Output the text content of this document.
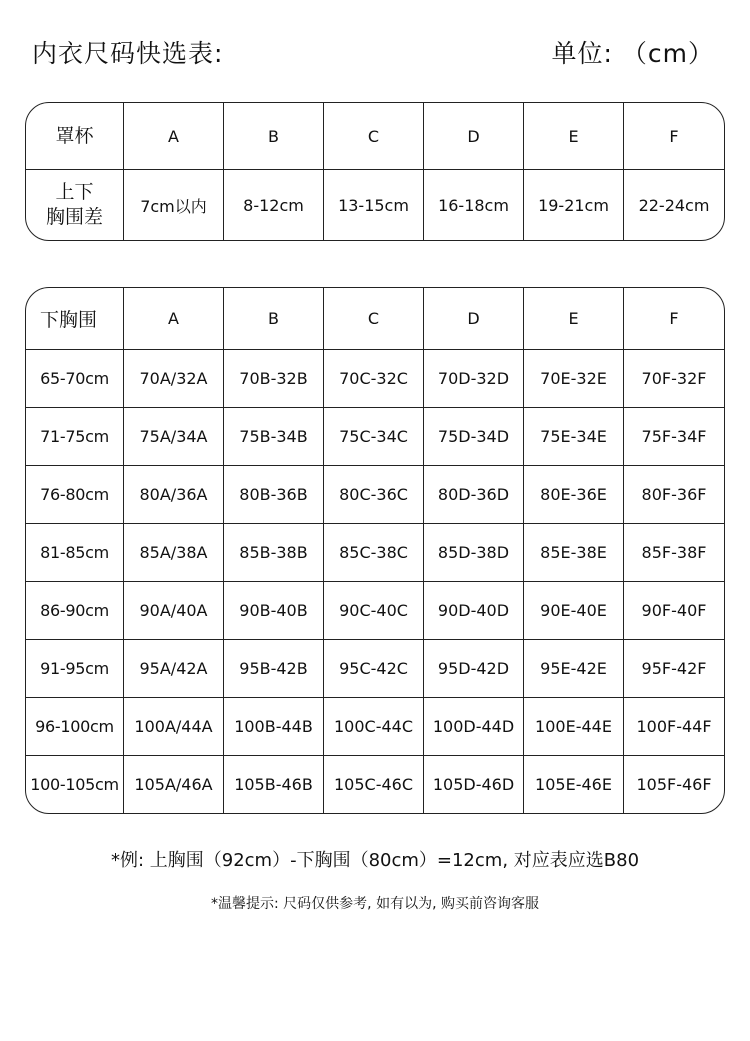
内衣尺码快选表:	单位: （cm）
罩杯	A	B	C	D	E	F

上下
胸围差	7cm以内	8-12cm	13-15cm	16-18cm	19-21cm	22-24cm
下胸围	A	B	C	D	E	F
65-70cm	70A/32A	70B-32B	70C-32C	70D-32D	70E-32E	70F-32F
71-75cm	75A/34A	75B-34B	75C-34C	75D-34D	75E-34E	75F-34F
76-80cm	80A/36A	80B-36B	80C-36C	80D-36D	80E-36E	80F-36F
81-85cm	85A/38A	85B-38B	85C-38C	85D-38D	85E-38E	85F-38F
86-90cm	90A/40A	90B-40B	90C-40C	90D-40D	90E-40E	90F-40F
91-95cm	95A/42A	95B-42B	95C-42C	95D-42D	95E-42E	95F-42F
96-100cm	100A/44A	100B-44B	100C-44C	100D-44D	100E-44E	100F-44F
100-105cm	105A/46A	105B-46B	105C-46C	105D-46D	105E-46E	105F-46F
*例: 上胸围（92cm）-下胸围（80cm）=12cm, 对应表应选B80
*温馨提示: 尺码仅供参考, 如有以为, 购买前咨询客服
